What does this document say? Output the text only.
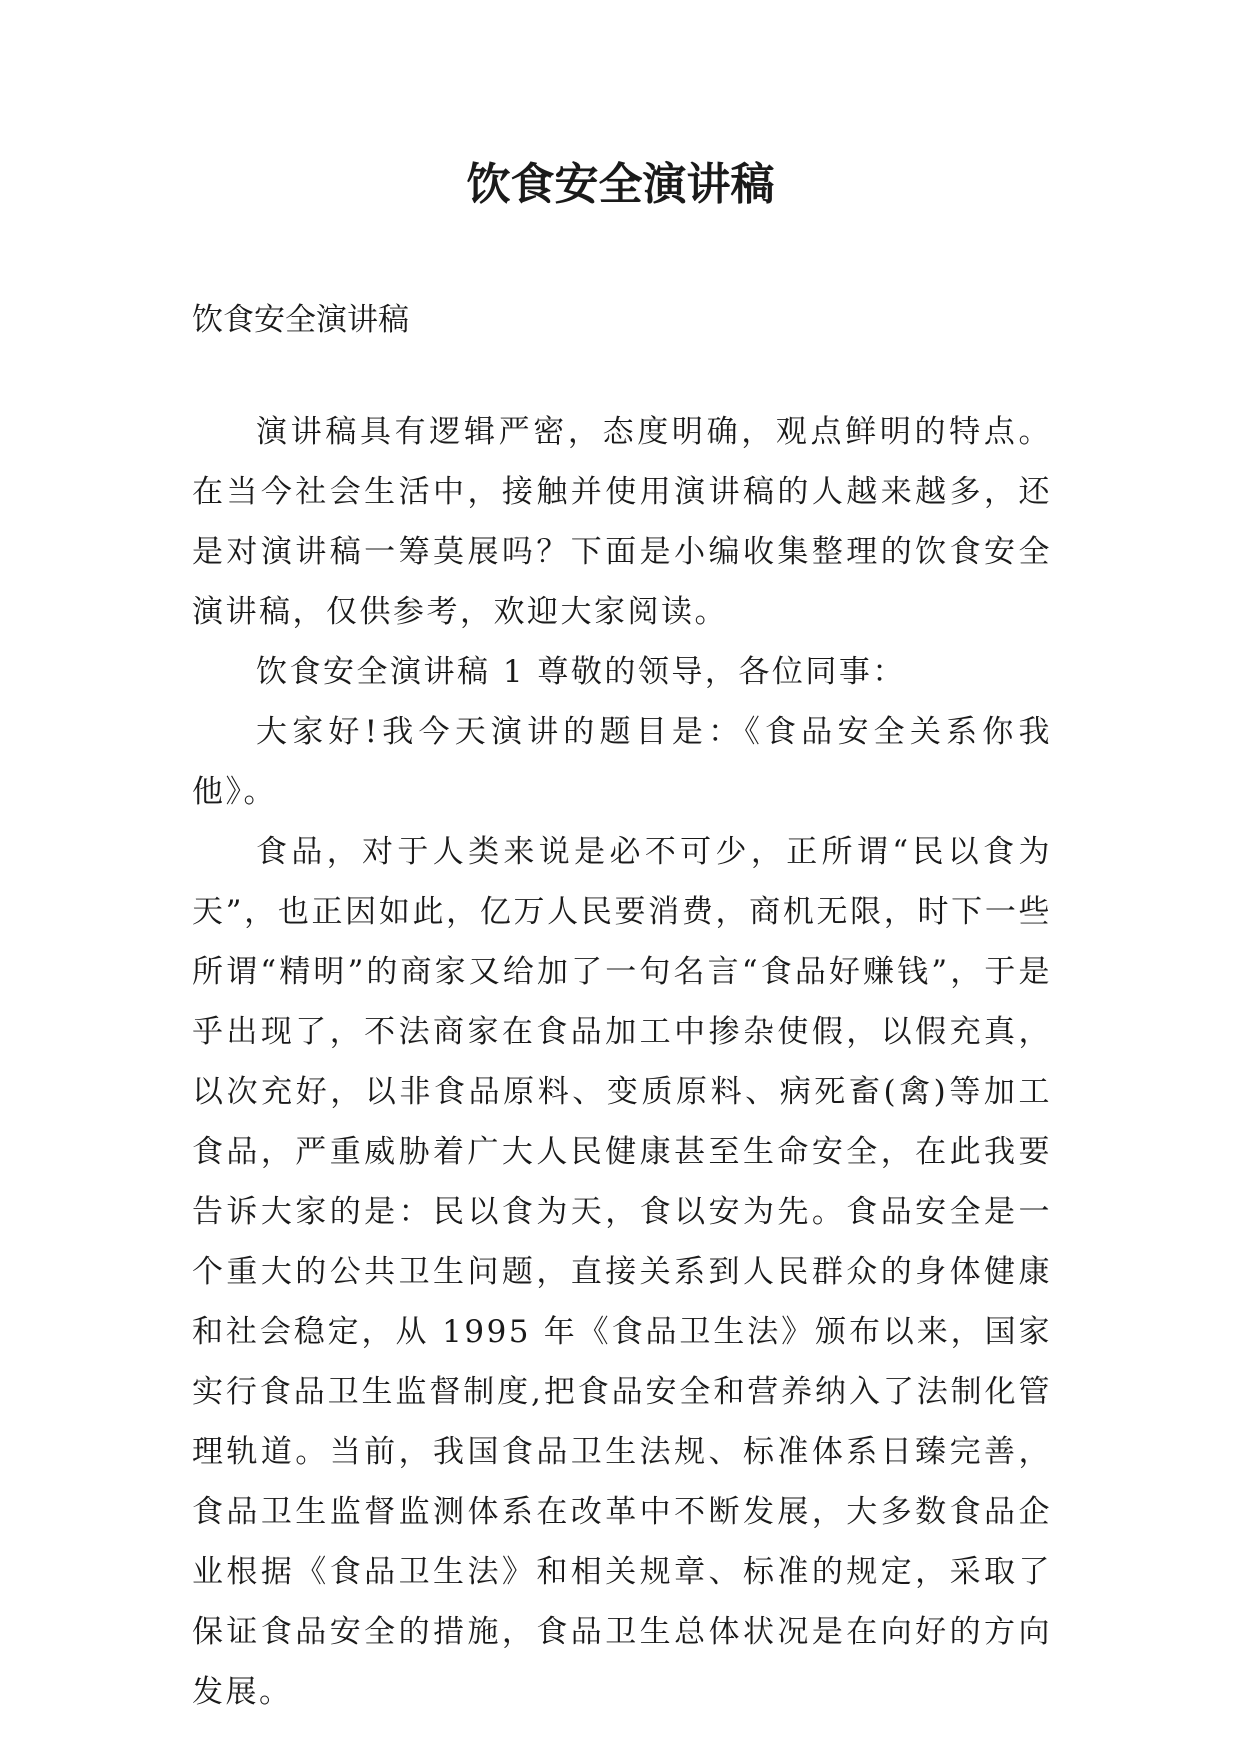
饮食安全演讲稿

饮食安全演讲稿

演讲稿具有逻辑严密，态度明确，观点鲜明的特点。在当今社会生活中，接触并使用演讲稿的人越来越多，还是对演讲稿一筹莫展吗？下面是小编收集整理的饮食安全演讲稿，仅供参考，欢迎大家阅读。

饮食安全演讲稿 1 尊敬的领导，各位同事：

大家好!我今天演讲的题目是：《食品安全关系你我他》。

食品，对于人类来说是必不可少，正所谓“民以食为天”，也正因如此，亿万人民要消费，商机无限，时下一些所谓“精明”的商家又给加了一句名言“食品好赚钱”，于是乎出现了，不法商家在食品加工中掺杂使假，以假充真，以次充好，以非食品原料、变质原料、病死畜(禽)等加工食品，严重威胁着广大人民健康甚至生命安全，在此我要告诉大家的是：民以食为天，食以安为先。食品安全是一个重大的公共卫生问题，直接关系到人民群众的身体健康和社会稳定，从 1995 年《食品卫生法》颁布以来，国家实行食品卫生监督制度,把食品安全和营养纳入了法制化管理轨道。当前，我国食品卫生法规、标准体系日臻完善，食品卫生监督监测体系在改革中不断发展，大多数食品企业根据《食品卫生法》和相关规章、标准的规定，采取了保证食品安全的措施，食品卫生总体状况是在向好的方向发展。
